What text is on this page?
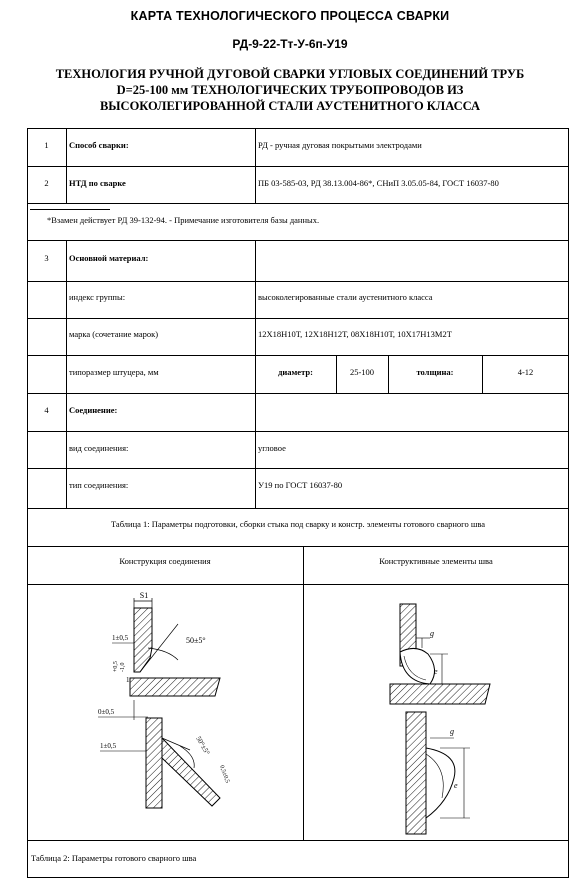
КАРТА ТЕХНОЛОГИЧЕСКОГО ПРОЦЕССА СВАРКИ
РД-9-22-Тт-У-6п-У19
ТЕХНОЛОГИЯ РУЧНОЙ ДУГОВОЙ СВАРКИ УГЛОВЫХ СОЕДИНЕНИЙ ТРУБ
D=25-100 мм ТЕХНОЛОГИЧЕСКИХ ТРУБОПРОВОДОВ ИЗ
ВЫСОКОЛЕГИРОВАННОЙ СТАЛИ АУСТЕНИТНОГО КЛАССА
1	Способ сварки:	РД - ручная дуговая покрытыми электродами
2	НТД по сварке	ПБ 03-585-03, РД 38.13.004-86*, СНиП 3.05.05-84, ГОСТ 16037-80
*Взамен действует РД 39-132-94. - Примечание изготовителя базы данных.
3	Основной материал:
индекс группы:	высоколегированные стали аустенитного класса
марка (сочетание марок)	12Х18Н10Т, 12Х18Н12Т, 08Х18Н10Т, 10Х17Н13М2Т
типоразмер штуцера, мм	диаметр:	25-100	толщина:	4-12
4	Соединение:
вид соединения:	угловое
тип соединения:	У19 по ГОСТ 16037-80
Таблица 1: Параметры подготовки, сборки стыка под сварку и констр. элементы готового сварного шва
Конструкция соединения	Конструктивные элементы шва
S1
50±5°
1±0,5
-1,0
+0,5
1
0±0,5
1±0,5	50°±5°
0,5±0,5
g
e
g
e
Таблица 2: Параметры готового сварного шва
